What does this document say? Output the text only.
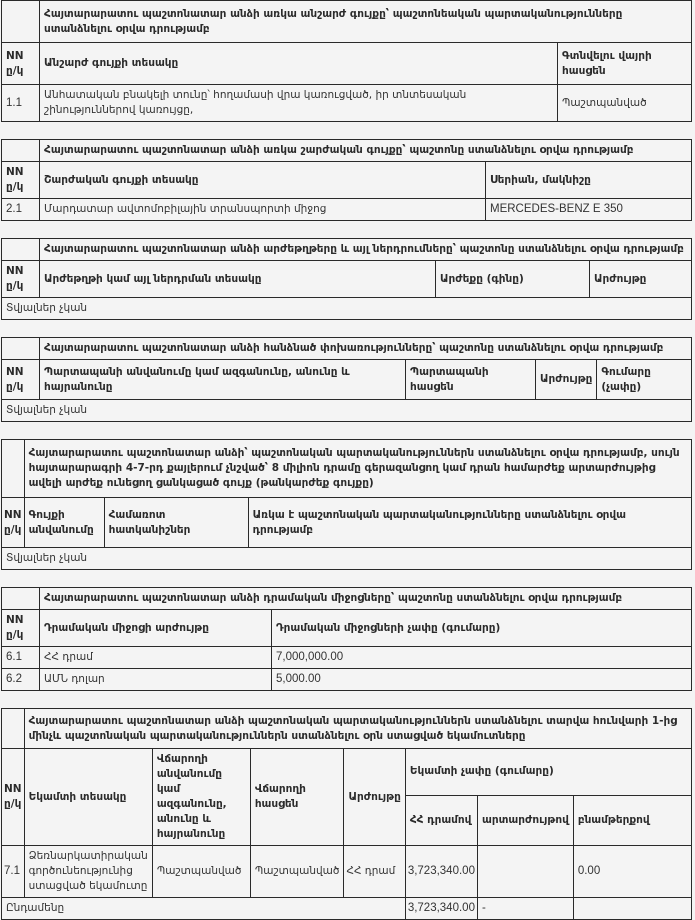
	Հայտարարատու պաշտոնատար անձի առկա անշարժ գույքը՝ պաշտոնեական պարտականությունները ստանձնելու օրվա դրությամբ	
NN ը/կ	Անշարժ գույքի տեսակը	Գտնվելու վայրի հասցեն
1.1	Անհատական բնակելի տունը՝ հողամասի վրա կառուցված, իր տնտեսական շինություններով կառույցը,	Պաշտպանված
	Հայտարարատու պաշտոնատար անձի առկա շարժական գույքը՝ պաշտոնը ստանձնելու օրվա դրությամբ	
NN ը/կ	Շարժական գույքի տեսակը	Սերիան, մակնիշը
2.1	Մարդատար ավտոմոբիլային տրանսպորտի միջոց	MERCEDES-BENZ E 350
	Հայտարարատու պաշտոնատար անձի արժեթղթերը և այլ ներդրումները՝ պաշտոնը ստանձնելու օրվա դրությամբ		
NN ը/կ	Արժեթղթի կամ այլ ներդրման տեսակը	Արժեքը (գինը)	Արժույթը
Տվյալներ չկան			
	Հայտարարատու պաշտոնատար անձի հանձնած փոխառությունները՝ պաշտոնը ստանձնելու օրվա դրությամբ			
NN ը/կ	Պարտապանի անվանումը կամ ազգանունը, անունը և հայրանունը	Պարտապանի հասցեն	Արժույթը	Գումարը (չափը)
Տվյալներ չկան				
	Հայտարարատու պաշտոնատար անձի՝ պաշտոնական պարտականություններն ստանձնելու օրվա դրությամբ, սույն հայտարարագրի 4-7-րդ քայլերում չնշված՝ 8 միլիոն դրամը գերազանցող կամ դրան համարժեք արտարժույթից ավելի արժեք ունեցող ցանկացած գույք (թանկարժեք գույքը)		
NN ը/կ	Գույքի անվանումը	Համառոտ հատկանիշներ	Առկա է պաշտոնական պարտականությունները ստանձնելու օրվա դրությամբ
Տվյալներ չկան			
	Հայտարարատու պաշտոնատար անձի դրամական միջոցները՝ պաշտոնը ստանձնելու օրվա դրությամբ	
NN ը/կ	Դրամական միջոցի արժույթը	Դրամական միջոցների չափը (գումարը)
6.1	ՀՀ դրամ	7,000,000.00
6.2	ԱՄՆ դոլար	5,000.00
	Հայտարարատու պաշտոնատար անձի պաշտոնական պարտականություններն ստանձնելու տարվա հունվարի 1-ից մինչև պաշտոնական պարտականություններն ստանձնելու օրն ստացված եկամուտները						
NN ը/կ	Եկամտի տեսակը	Վճարողի անվանումը կամ ազգանունը, անունը և հայրանունը	Վճարողի հասցեն	Արժույթը	Եկամտի չափը (գումարը)		
					ՀՀ դրամով	արտարժույթով	բնամթերքով
7.1	Ձեռնարկատիրական գործունեությունից ստացված եկամուտը	Պաշտպանված	Պաշտպանված	ՀՀ դրամ	3,723,340.00		0.00
Ընդամենը					3,723,340.00	-	
